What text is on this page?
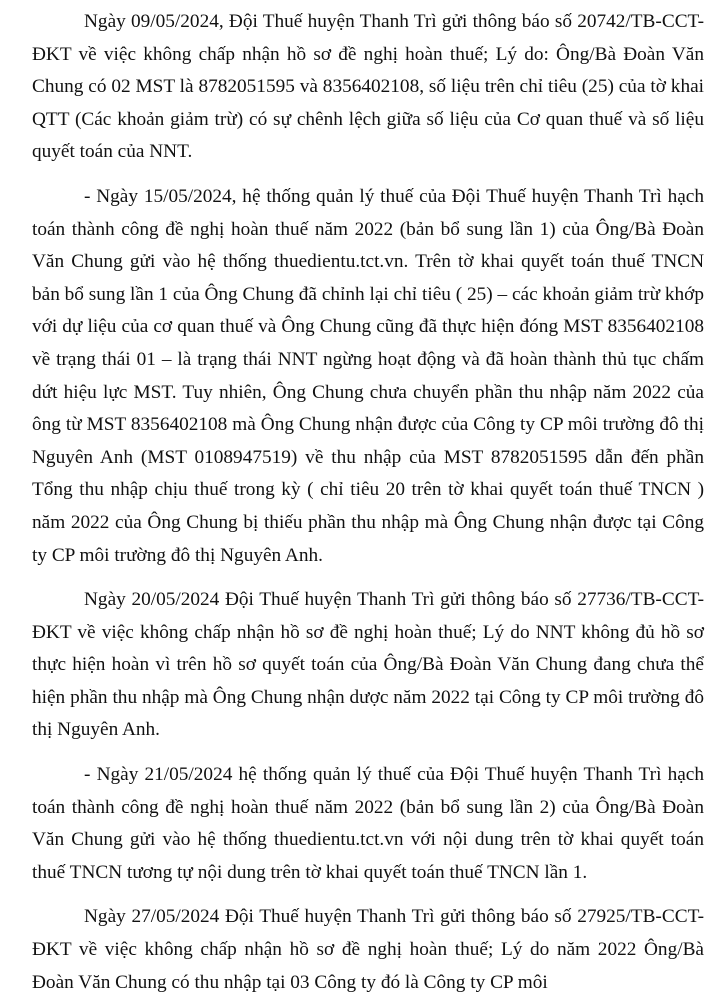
Ngày 09/05/2024, Đội Thuế huyện Thanh Trì gửi thông báo số 20742/TB-CCT-ĐKT về việc không chấp nhận hồ sơ đề nghị hoàn thuế; Lý do: Ông/Bà Đoàn Văn Chung có 02 MST là 8782051595 và 8356402108, số liệu trên chỉ tiêu (25) của tờ khai QTT (Các khoản giảm trừ) có sự chênh lệch giữa số liệu của Cơ quan thuế và số liệu quyết toán của NNT.

- Ngày 15/05/2024, hệ thống quản lý thuế của Đội Thuế huyện Thanh Trì hạch toán thành công đề nghị hoàn thuế năm 2022 (bản bổ sung lần 1) của Ông/Bà Đoàn Văn Chung gửi vào hệ thống thuedientu.tct.vn. Trên tờ khai quyết toán thuế TNCN bản bổ sung lần 1 của Ông Chung đã chỉnh lại chỉ tiêu ( 25) – các khoản giảm trừ khớp với dự liệu của cơ quan thuế và Ông Chung cũng đã thực hiện đóng MST 8356402108 về trạng thái 01 – là trạng thái NNT ngừng hoạt động và đã hoàn thành thủ tục chấm dứt hiệu lực MST. Tuy nhiên, Ông Chung chưa chuyển phần thu nhập năm 2022 của ông từ MST 8356402108 mà Ông Chung nhận được của Công ty CP môi trường đô thị Nguyên Anh (MST 0108947519) về thu nhập của MST 8782051595 dẫn đến phần Tổng thu nhập chịu thuế trong kỳ ( chỉ tiêu 20 trên tờ khai quyết toán thuế TNCN ) năm 2022 của Ông Chung bị thiếu phần thu nhập mà Ông Chung nhận được tại Công ty CP môi trường đô thị Nguyên Anh.

Ngày 20/05/2024 Đội Thuế huyện Thanh Trì gửi thông báo số 27736/TB-CCT-ĐKT về việc không chấp nhận hồ sơ đề nghị hoàn thuế; Lý do NNT không đủ hồ sơ thực hiện hoàn vì trên hồ sơ quyết toán của Ông/Bà Đoàn Văn Chung đang chưa thể hiện phần thu nhập mà Ông Chung nhận dược năm 2022 tại Công ty CP môi trường đô thị Nguyên Anh.

- Ngày 21/05/2024 hệ thống quản lý thuế của Đội Thuế huyện Thanh Trì hạch toán thành công đề nghị hoàn thuế năm 2022 (bản bổ sung lần 2) của Ông/Bà Đoàn Văn Chung gửi vào hệ thống thuedientu.tct.vn với nội dung trên tờ khai quyết toán thuế TNCN tương tự nội dung trên tờ khai quyết toán thuế TNCN lần 1.

Ngày 27/05/2024 Đội Thuế huyện Thanh Trì gửi thông báo số 27925/TB-CCT-ĐKT về việc không chấp nhận hồ sơ đề nghị hoàn thuế; Lý do năm 2022 Ông/Bà Đoàn Văn Chung có thu nhập tại 03 Công ty đó là Công ty CP môi
